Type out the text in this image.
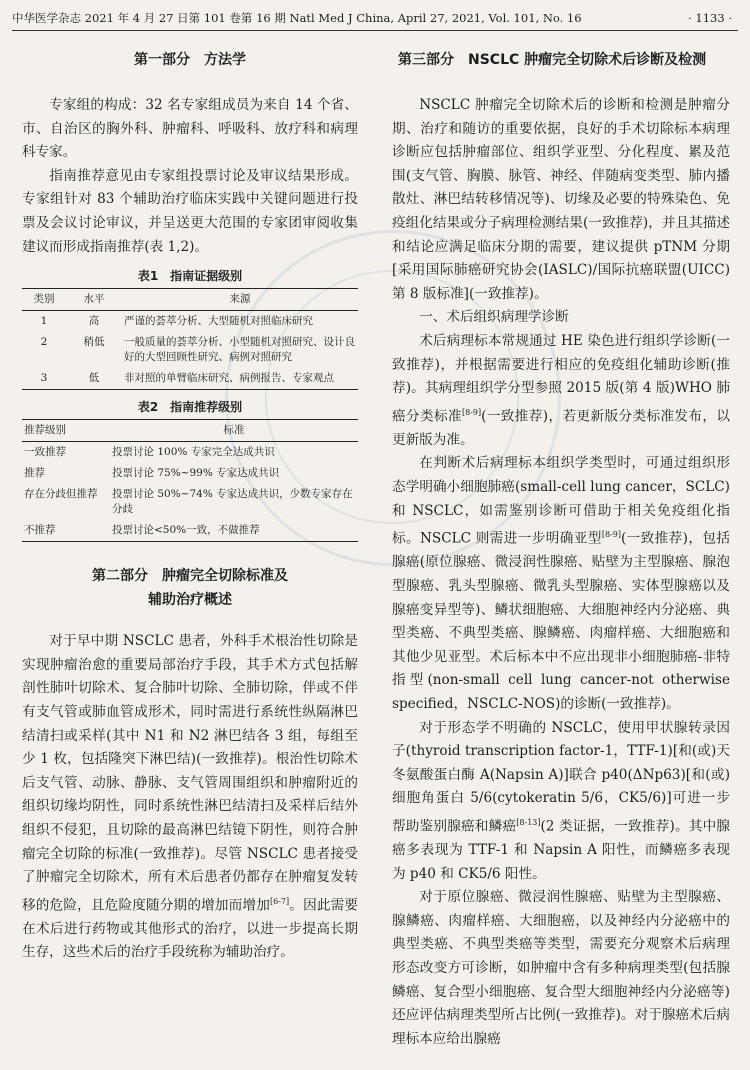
中华医学杂志 2021 年 4 月 27 日第 101 卷第 16 期 Natl Med J China, April 27, 2021, Vol. 101, No. 16	· 1133 ·
第一部分　方法学

专家组的构成：32 名专家组成员为来自 14 个省、市、自治区的胸外科、肿瘤科、呼吸科、放疗科和病理科专家。

指南推荐意见由专家组投票讨论及审议结果形成。专家组针对 83 个辅助治疗临床实践中关键问题进行投票及会议讨论审议，并呈送更大范围的专家团审阅收集建议而形成指南推荐(表 1,2)。

表1　指南证据级别
类别	水平	来源
1	高	严谨的荟萃分析、大型随机对照临床研究
2	稍低	一般质量的荟萃分析、小型随机对照研究、设计良好的大型回顾性研究、病例对照研究
3	低	非对照的单臂临床研究、病例报告、专家观点
表2　指南推荐级别
推荐级别	标准
一致推荐	投票讨论 100% 专家完全达成共识
推荐	投票讨论 75%~99% 专家达成共识
存在分歧但推荐	投票讨论 50%~74% 专家达成共识，少数专家存在分歧
不推荐	投票讨论<50%一致，不做推荐
第二部分　肿瘤完全切除标准及
辅助治疗概述

对于早中期 NSCLC 患者，外科手术根治性切除是实现肿瘤治愈的重要局部治疗手段，其手术方式包括解剖性肺叶切除术、复合肺叶切除、全肺切除，伴或不伴有支气管或肺血管成形术，同时需进行系统性纵隔淋巴结清扫或采样(其中 N1 和 N2 淋巴结各 3 组，每组至少 1 枚，包括隆突下淋巴结)(一致推荐)。根治性切除术后支气管、动脉、静脉、支气管周围组织和肿瘤附近的组织切缘均阴性，同时系统性淋巴结清扫及采样后结外组织不侵犯，且切除的最高淋巴结镜下阴性，则符合肿瘤完全切除的标准(一致推荐)。尽管 NSCLC 患者接受了肿瘤完全切除术，所有术后患者仍都存在肿瘤复发转移的危险，且危险度随分期的增加而增加[6-7]。因此需要在术后进行药物或其他形式的治疗，以进一步提高长期生存，这些术后的治疗手段统称为辅助治疗。

第三部分　NSCLC 肿瘤完全切除术后诊断及检测

NSCLC 肿瘤完全切除术后的诊断和检测是肿瘤分期、治疗和随访的重要依据，良好的手术切除标本病理诊断应包括肿瘤部位、组织学亚型、分化程度、累及范围(支气管、胸膜、脉管、神经、伴随病变类型、肺内播散灶、淋巴结转移情况等)、切缘及必要的特殊染色、免疫组化结果或分子病理检测结果(一致推荐)，并且其描述和结论应满足临床分期的需要，建议提供 pTNM 分期[采用国际肺癌研究协会(IASLC)/国际抗癌联盟(UICC)第 8 版标准](一致推荐)。

一、术后组织病理学诊断

术后病理标本常规通过 HE 染色进行组织学诊断(一致推荐)，并根据需要进行相应的免疫组化辅助诊断(推荐)。其病理组织学分型参照 2015 版(第 4 版)WHO 肺癌分类标准[8-9](一致推荐)，若更新版分类标准发布，以更新版为准。

在判断术后病理标本组织学类型时，可通过组织形态学明确小细胞肺癌(small-cell lung cancer，SCLC)和 NSCLC，如需鉴别诊断可借助于相关免疫组化指标。NSCLC 则需进一步明确亚型[8-9](一致推荐)，包括腺癌(原位腺癌、微浸润性腺癌、贴壁为主型腺癌、腺泡型腺癌、乳头型腺癌、微乳头型腺癌、实体型腺癌以及腺癌变异型等)、鳞状细胞癌、大细胞神经内分泌癌、典型类癌、不典型类癌、腺鳞癌、肉瘤样癌、大细胞癌和其他少见亚型。术后标本中不应出现非小细胞肺癌-非特指型(non-small cell lung cancer-not otherwise specified，NSCLC-NOS)的诊断(一致推荐)。

对于形态学不明确的 NSCLC，使用甲状腺转录因子(thyroid transcription factor-1，TTF-1)[和(或)天冬氨酸蛋白酶 A(Napsin A)]联合 p40(ΔNp63)[和(或)细胞角蛋白 5/6(cytokeratin 5/6，CK5/6)]可进一步帮助鉴别腺癌和鳞癌[8-13](2 类证据，一致推荐)。其中腺癌多表现为 TTF-1 和 Napsin A 阳性，而鳞癌多表现为 p40 和 CK5/6 阳性。

对于原位腺癌、微浸润性腺癌、贴壁为主型腺癌、腺鳞癌、肉瘤样癌、大细胞癌，以及神经内分泌癌中的典型类癌、不典型类癌等类型，需要充分观察术后病理形态改变方可诊断，如肿瘤中含有多种病理类型(包括腺鳞癌、复合型小细胞癌、复合型大细胞神经内分泌癌等)还应评估病理类型所占比例(一致推荐)。对于腺癌术后病理标本应给出腺癌
